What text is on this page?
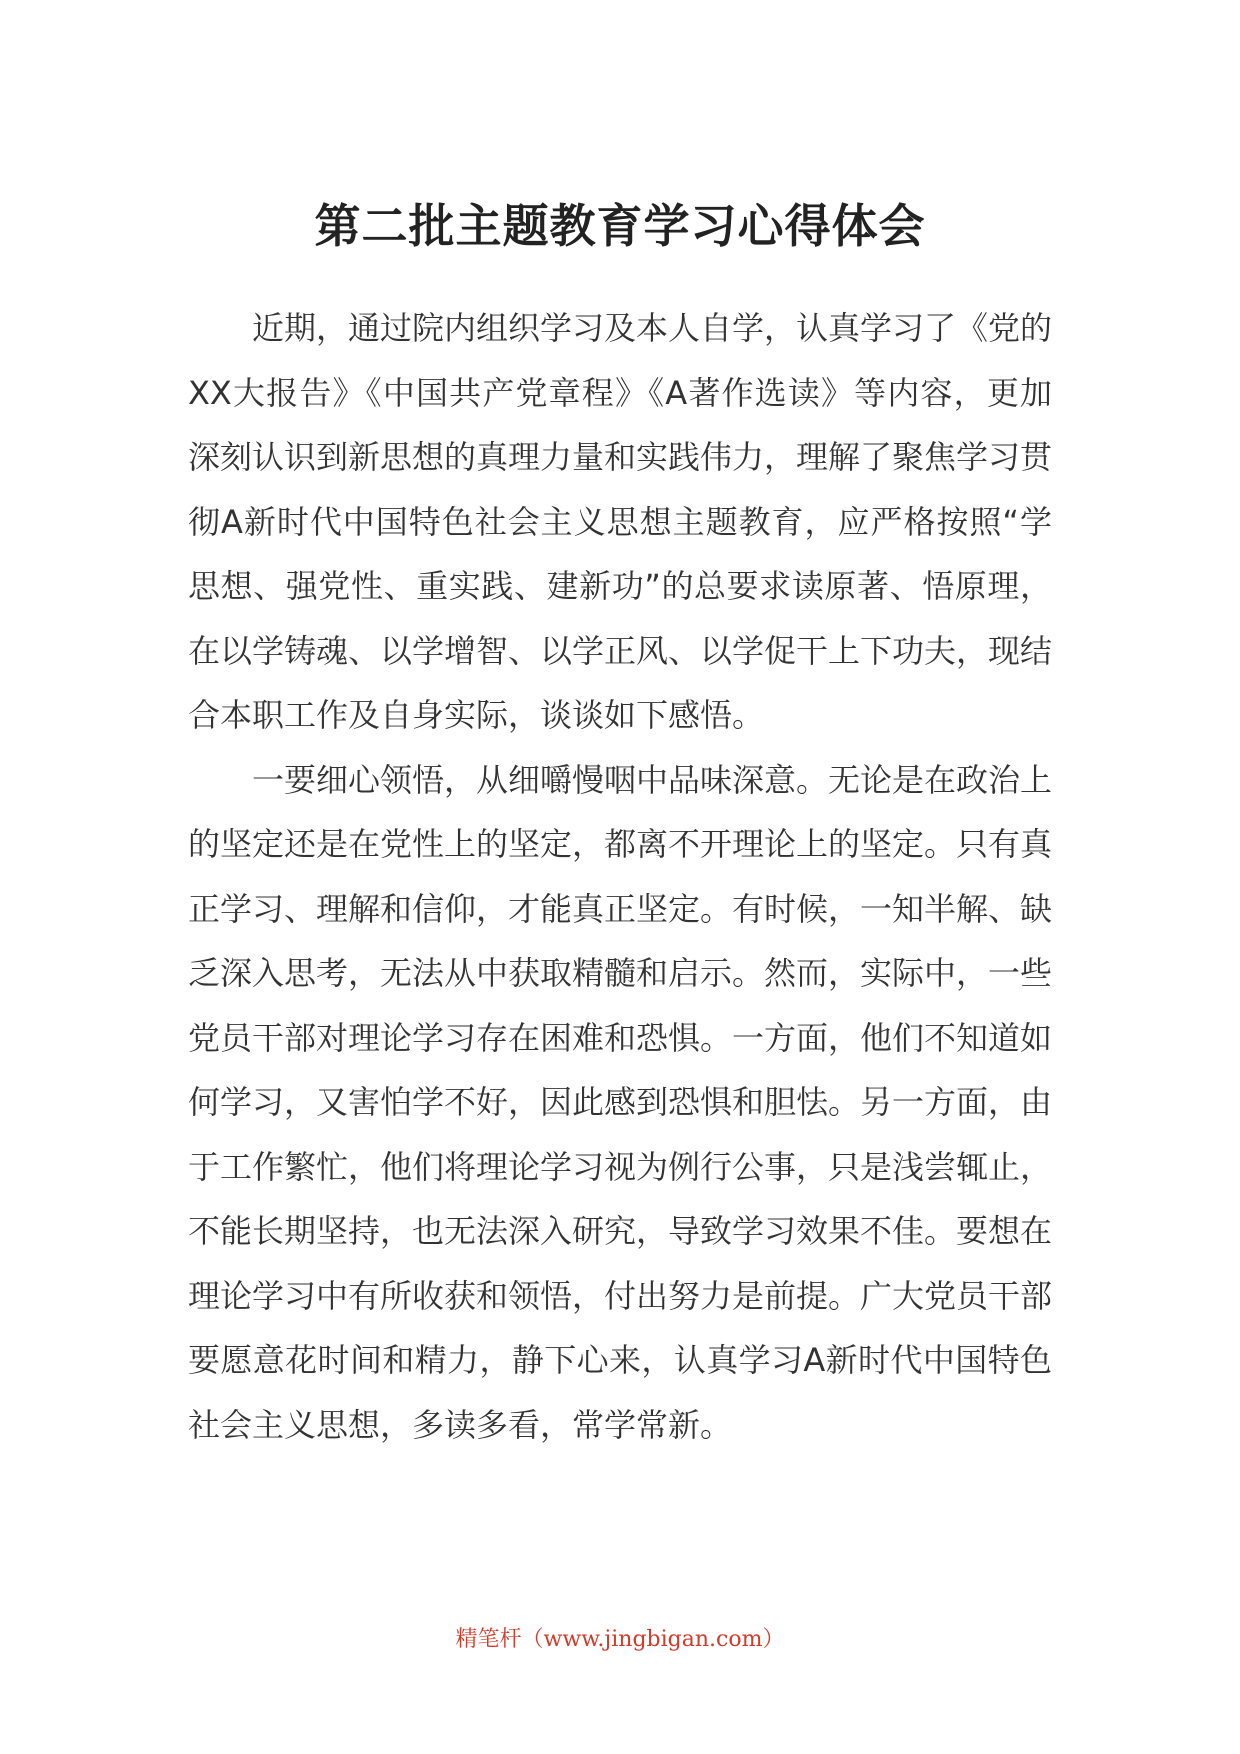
第二批主题教育学习心得体会

近期，通过院内组织学习及本人自学，认真学习了《党的XX大报告》《中国共产党章程》《A著作选读》等内容，更加深刻认识到新思想的真理力量和实践伟力，理解了聚焦学习贯彻A新时代中国特色社会主义思想主题教育，应严格按照“学思想、强党性、重实践、建新功”的总要求读原著、悟原理，在以学铸魂、以学增智、以学正风、以学促干上下功夫，现结合本职工作及自身实际，谈谈如下感悟。

一要细心领悟，从细嚼慢咽中品味深意。无论是在政治上的坚定还是在党性上的坚定，都离不开理论上的坚定。只有真正学习、理解和信仰，才能真正坚定。有时候，一知半解、缺乏深入思考，无法从中获取精髓和启示。然而，实际中，一些党员干部对理论学习存在困难和恐惧。一方面，他们不知道如何学习，又害怕学不好，因此感到恐惧和胆怯。另一方面，由于工作繁忙，他们将理论学习视为例行公事，只是浅尝辄止，不能长期坚持，也无法深入研究，导致学习效果不佳。要想在理论学习中有所收获和领悟，付出努力是前提。广大党员干部要愿意花时间和精力，静下心来，认真学习A新时代中国特色社会主义思想，多读多看，常学常新。

精笔杆（www.jingbigan.com）
